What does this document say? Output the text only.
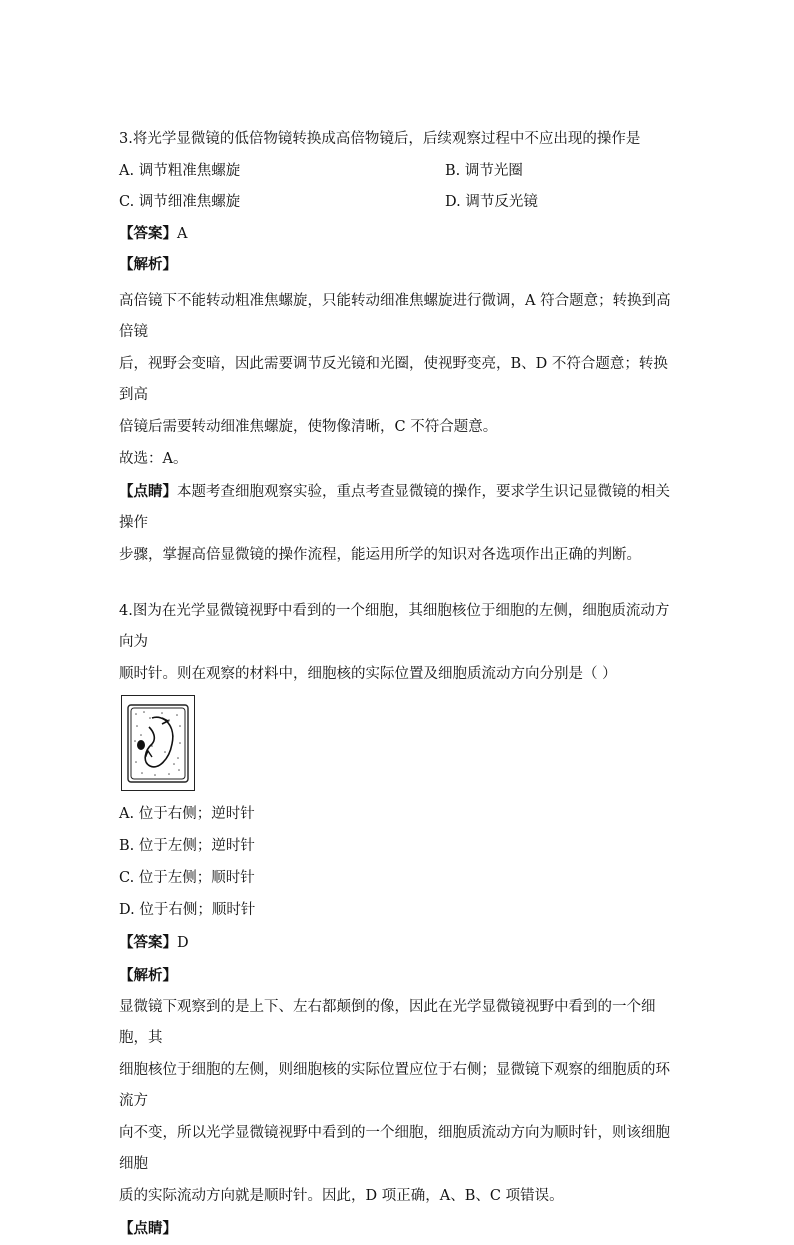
3.将光学显微镜的低倍物镜转换成高倍物镜后，后续观察过程中不应出现的操作是
A. 调节粗准焦螺旋	B. 调节光圈
C. 调节细准焦螺旋	D. 调节反光镜
【答案】A
【解析】
高倍镜下不能转动粗准焦螺旋，只能转动细准焦螺旋进行微调，A 符合题意；转换到高倍镜
后，视野会变暗，因此需要调节反光镜和光圈，使视野变亮，B、D 不符合题意；转换到高
倍镜后需要转动细准焦螺旋，使物像清晰，C 不符合题意。
故选：A。
【点睛】本题考查细胞观察实验，重点考查显微镜的操作，要求学生识记显微镜的相关操作
步骤，掌握高倍显微镜的操作流程，能运用所学的知识对各选项作出正确的判断。
4.图为在光学显微镜视野中看到的一个细胞，其细胞核位于细胞的左侧，细胞质流动方向为
顺时针。则在观察的材料中，细胞核的实际位置及细胞质流动方向分别是（ ）
A. 位于右侧；逆时针
B. 位于左侧；逆时针
C. 位于左侧；顺时针
D. 位于右侧；顺时针
【答案】D
【解析】
显微镜下观察到的是上下、左右都颠倒的像，因此在光学显微镜视野中看到的一个细胞，其
细胞核位于细胞的左侧，则细胞核的实际位置应位于右侧；显微镜下观察的细胞质的环流方
向不变，所以光学显微镜视野中看到的一个细胞，细胞质流动方向为顺时针，则该细胞细胞
质的实际流动方向就是顺时针。因此，D 项正确，A、B、C 项错误。
【点睛】
